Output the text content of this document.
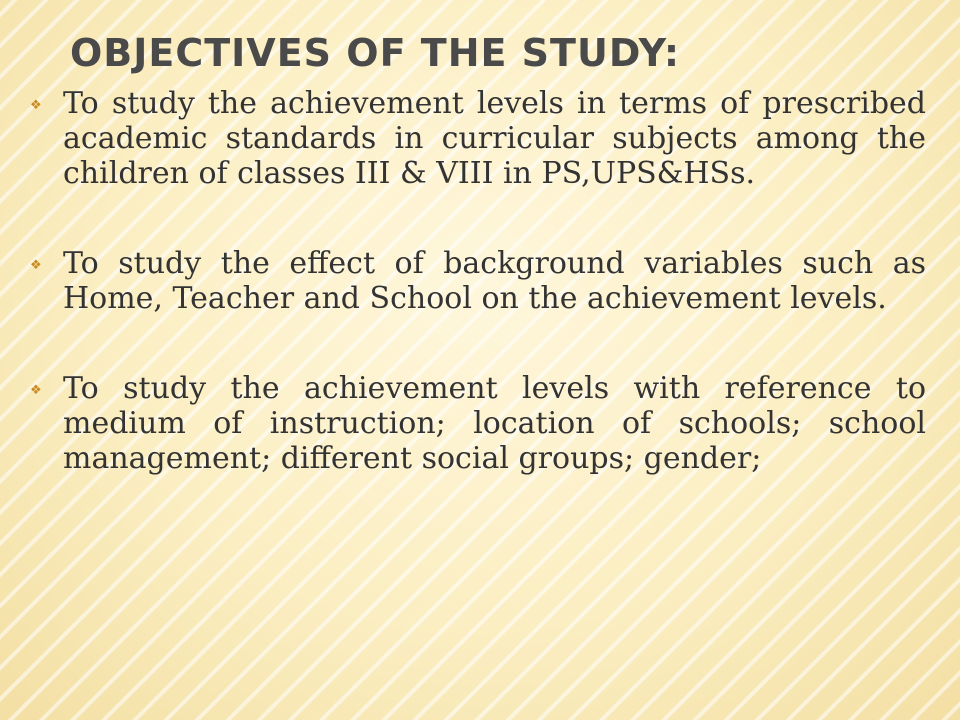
OBJECTIVES OF THE STUDY:
❖ To study the achievement levels in terms of prescribed academic standards in curricular subjects among the children of classes III & VIII in PS,UPS&HSs.

❖ To study the effect of background variables such as Home, Teacher and School on the achievement levels.

❖ To study the achievement levels with reference to medium of instruction; location of schools; school management; different social groups; gender;
